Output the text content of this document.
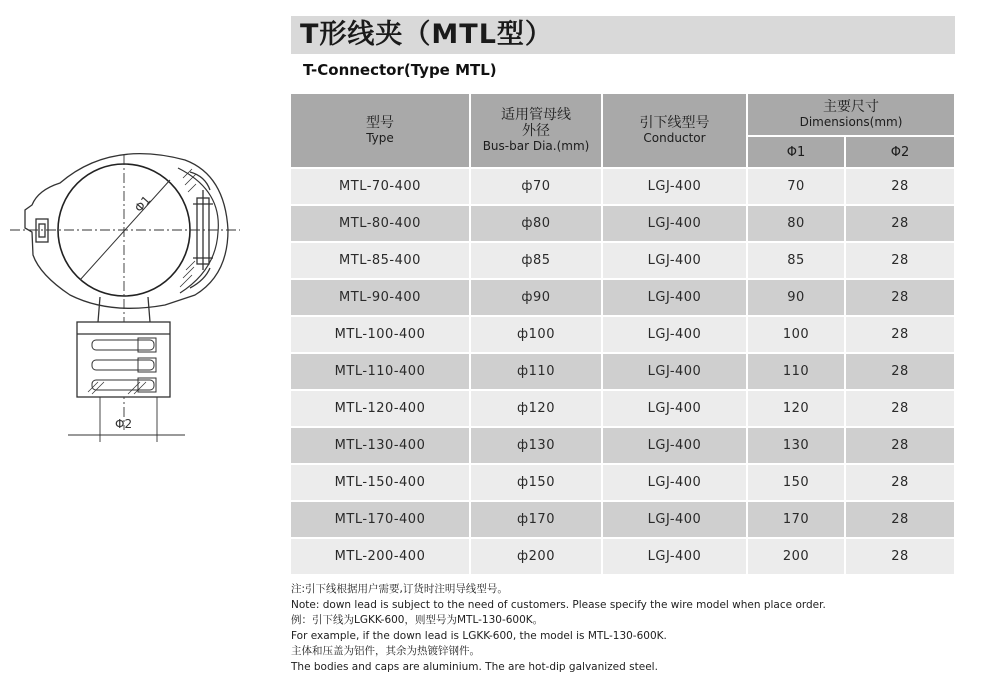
Φ1
Φ2
T形线夹（MTL型）
T-Connector(Type MTL)
型号
Type	适用管母线
外径
Bus-bar Dia.(mm)	引下线型号
Conductor	主要尺寸
Dimensions(mm)	

			Φ1	Φ2
MTL-70-400	ф70	LGJ-400	70	28
MTL-80-400	ф80	LGJ-400	80	28
MTL-85-400	ф85	LGJ-400	85	28
MTL-90-400	ф90	LGJ-400	90	28
MTL-100-400	ф100	LGJ-400	100	28
MTL-110-400	ф110	LGJ-400	110	28
MTL-120-400	ф120	LGJ-400	120	28
MTL-130-400	ф130	LGJ-400	130	28
MTL-150-400	ф150	LGJ-400	150	28
MTL-170-400	ф170	LGJ-400	170	28
MTL-200-400	ф200	LGJ-400	200	28
注:引下线根据用户需要,订货时注明导线型号。
Note: down lead is subject to the need of customers. Please specify the wire model when place order.
例：引下线为LGKK-600，则型号为MTL-130-600K。
For example, if the down lead is LGKK-600, the model is MTL-130-600K.
主体和压盖为铝件，其余为热镀锌钢件。
The bodies and caps are aluminium. The are hot-dip galvanized steel.
